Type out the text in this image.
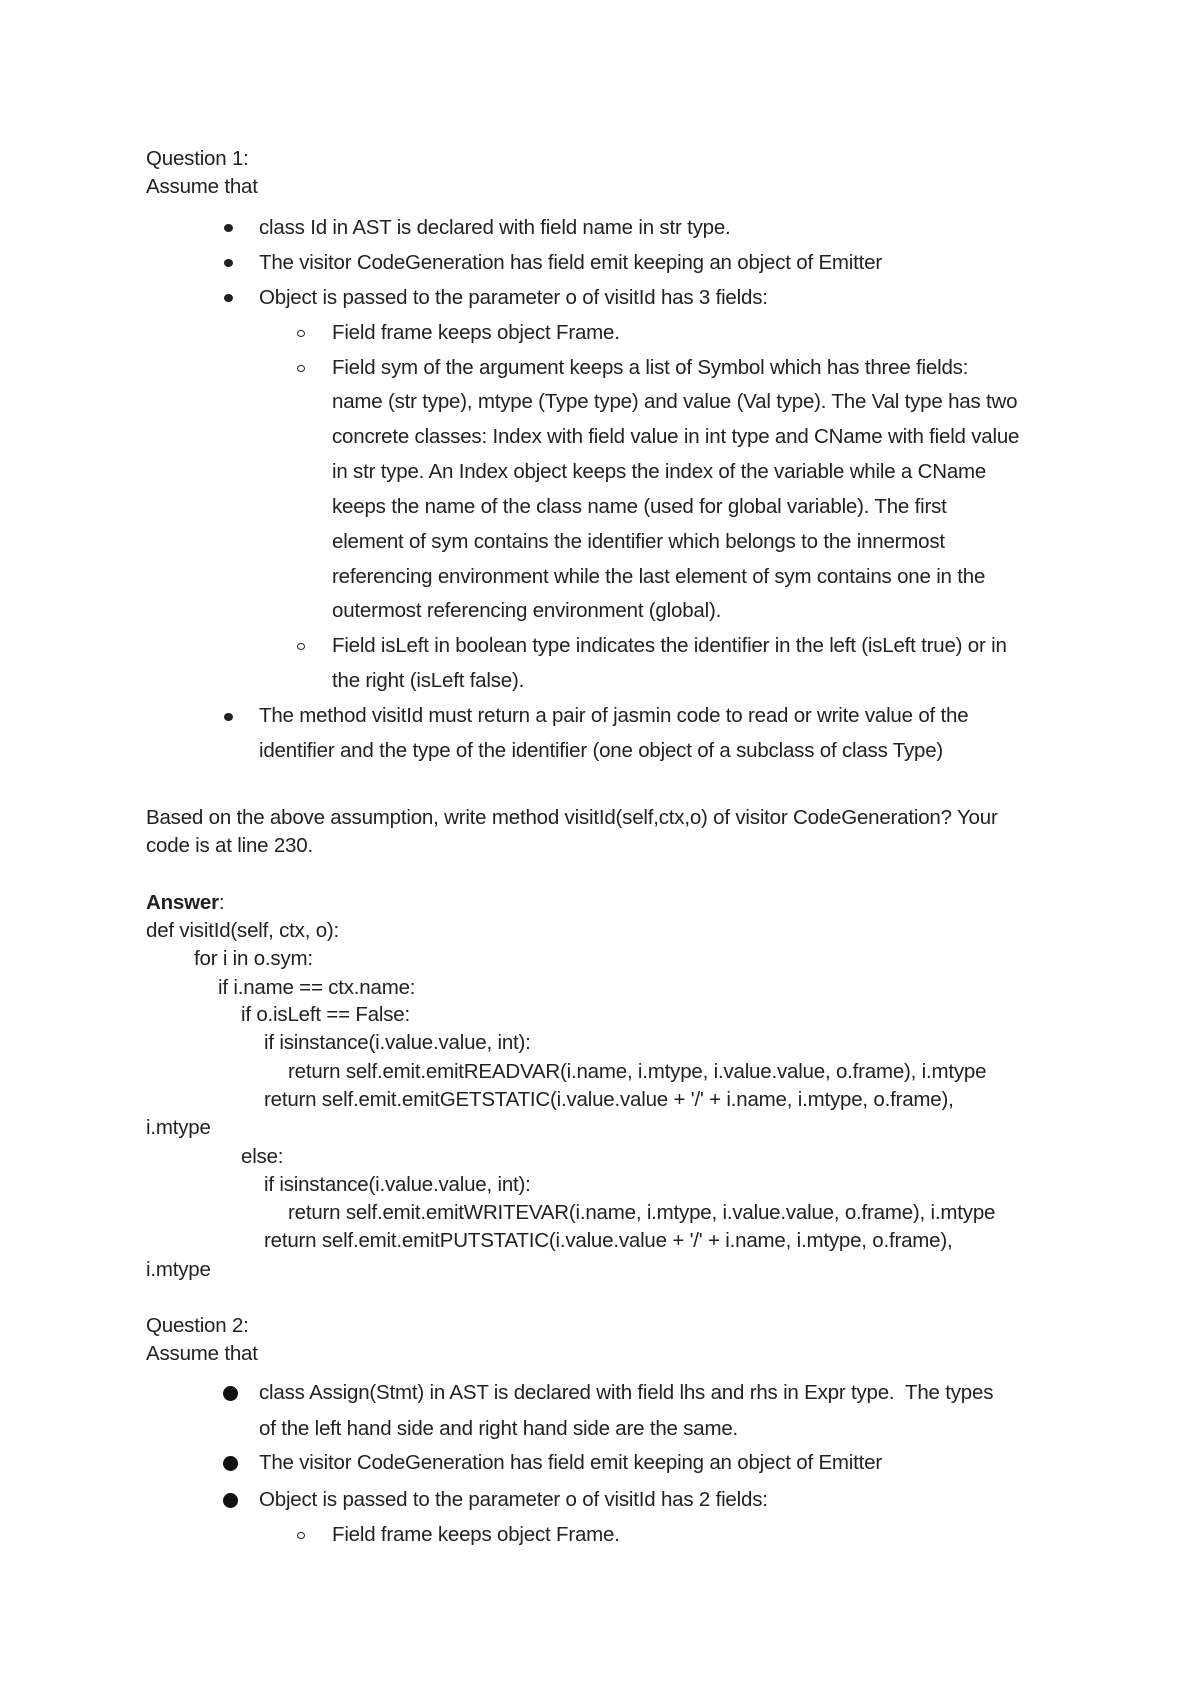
Question 1:
Assume that
class Id in AST is declared with field name in str type.
The visitor CodeGeneration has field emit keeping an object of Emitter
Object is passed to the parameter o of visitId has 3 fields:
Field frame keeps object Frame.
Field sym of the argument keeps a list of Symbol which has three fields:
name (str type), mtype (Type type) and value (Val type). The Val type has two
concrete classes: Index with field value in int type and CName with field value
in str type. An Index object keeps the index of the variable while a CName
keeps the name of the class name (used for global variable). The first
element of sym contains the identifier which belongs to the innermost
referencing environment while the last element of sym contains one in the
outermost referencing environment (global).
Field isLeft in boolean type indicates the identifier in the left (isLeft true) or in
the right (isLeft false).
The method visitId must return a pair of jasmin code to read or write value of the
identifier and the type of the identifier (one object of a subclass of class Type)
Based on the above assumption, write method visitId(self,ctx,o) of visitor CodeGeneration? Your
code is at line 230.
Answer:
def visitId(self, ctx, o):
for i in o.sym:
if i.name == ctx.name:
if o.isLeft == False:
if isinstance(i.value.value, int):
return self.emit.emitREADVAR(i.name, i.mtype, i.value.value, o.frame), i.mtype
return self.emit.emitGETSTATIC(i.value.value + '/' + i.name, i.mtype, o.frame),
i.mtype
else:
if isinstance(i.value.value, int):
return self.emit.emitWRITEVAR(i.name, i.mtype, i.value.value, o.frame), i.mtype
return self.emit.emitPUTSTATIC(i.value.value + '/' + i.name, i.mtype, o.frame),
i.mtype
Question 2:
Assume that
class Assign(Stmt) in AST is declared with field lhs and rhs in Expr type.  The types
of the left hand side and right hand side are the same.
The visitor CodeGeneration has field emit keeping an object of Emitter
Object is passed to the parameter o of visitId has 2 fields:
Field frame keeps object Frame.
